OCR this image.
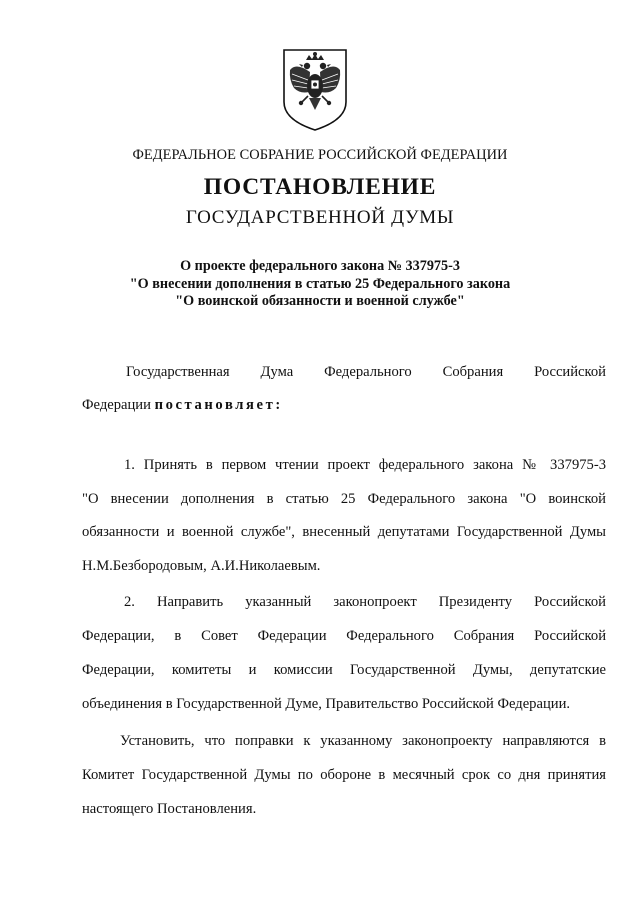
ФЕДЕРАЛЬНОЕ СОБРАНИЕ РОССИЙСКОЙ ФЕДЕРАЦИИ
ПОСТАНОВЛЕНИЕ
ГОСУДАРСТВЕННОЙ ДУМЫ
О проекте федерального закона № 337975-3
"О внесении дополнения в статью 25 Федерального закона
"О воинской обязанности и военной службе"
Государственная Дума Федерального Собрания Российской
Федерации постановляет:
1. Принять в первом чтении проект федерального закона № 337975-3
"О внесении дополнения в статью 25 Федерального закона "О воинской
обязанности и военной службе", внесенный депутатами Государственной Думы
Н.М.Безбородовым, А.И.Николаевым.
2. Направить указанный законопроект Президенту Российской
Федерации, в Совет Федерации Федерального Собрания Российской
Федерации, комитеты и комиссии Государственной Думы, депутатские
объединения в Государственной Думе, Правительство Российской Федерации.
Установить, что поправки к указанному законопроекту направляются в
Комитет Государственной Думы по обороне в месячный срок со дня принятия
настоящего Постановления.
